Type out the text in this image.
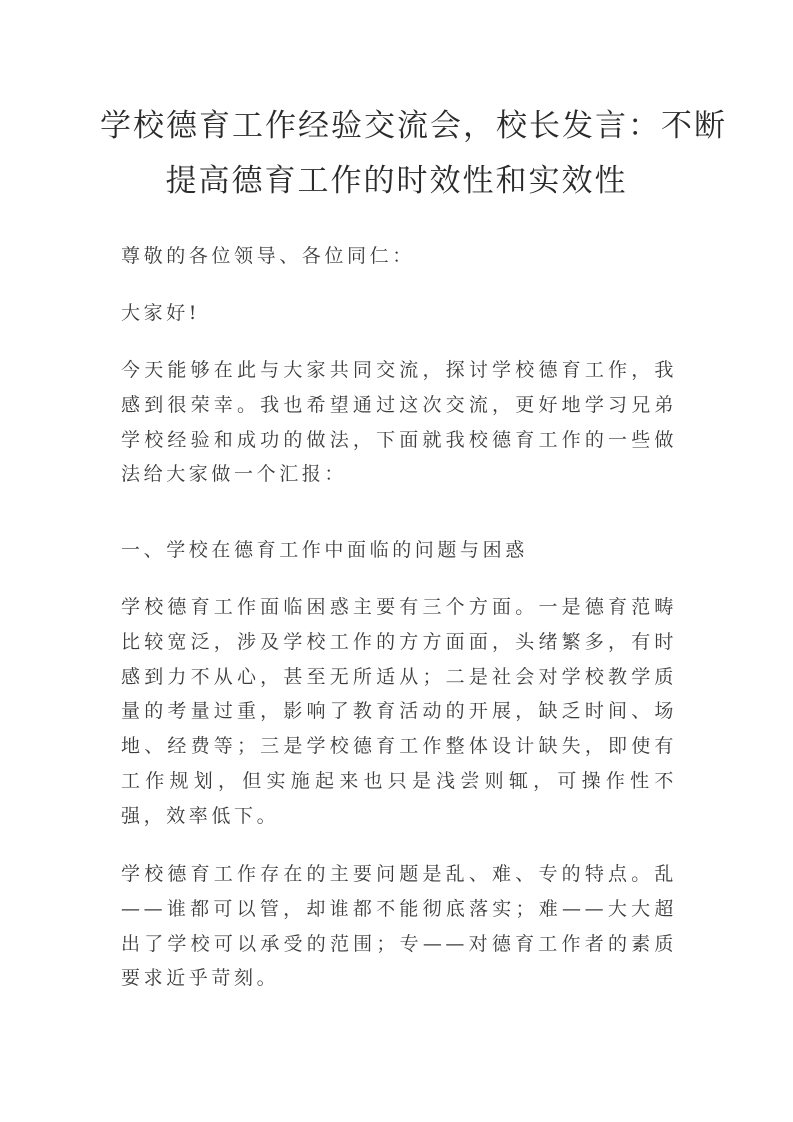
学校德育工作经验交流会，校长发言：不断
提高德育工作的时效性和实效性

尊敬的各位领导、各位同仁：

大家好!

今天能够在此与大家共同交流，探讨学校德育工作，我感到很荣幸。我也希望通过这次交流，更好地学习兄弟学校经验和成功的做法，下面就我校德育工作的一些做法给大家做一个汇报：

一、学校在德育工作中面临的问题与困惑

学校德育工作面临困惑主要有三个方面。一是德育范畴比较宽泛，涉及学校工作的方方面面，头绪繁多，有时感到力不从心，甚至无所适从；二是社会对学校教学质量的考量过重，影响了教育活动的开展，缺乏时间、场地、经费等；三是学校德育工作整体设计缺失，即使有工作规划，但实施起来也只是浅尝则辄，可操作性不强，效率低下。

学校德育工作存在的主要问题是乱、难、专的特点。乱——谁都可以管，却谁都不能彻底落实；难——大大超出了学校可以承受的范围；专——对德育工作者的素质要求近乎苛刻。
